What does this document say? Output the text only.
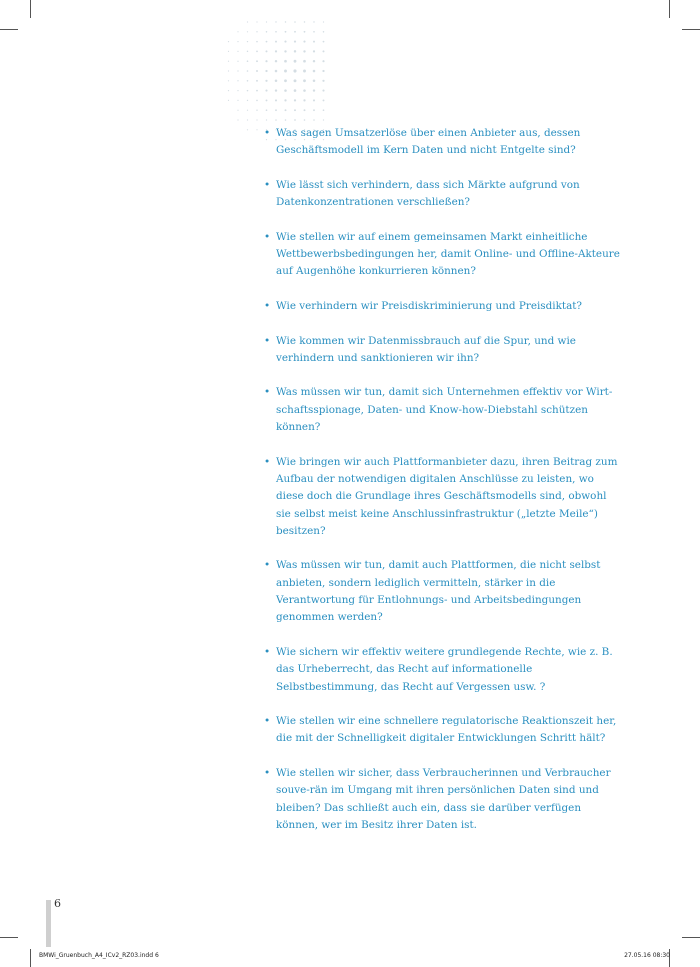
• Was sagen Umsatzerlöse über einen Anbieter aus, dessen Geschäftsmodell im Kern Daten und nicht Entgelte sind?
• Wie lässt sich verhindern, dass sich Märkte aufgrund von Datenkonzentrationen verschließen?
• Wie stellen wir auf einem gemeinsamen Markt einheitliche Wettbewerbsbedingungen her, damit Online- und Offline-Akteure auf Augenhöhe konkurrieren können?
• Wie verhindern wir Preisdiskriminierung und Preisdiktat?
• Wie kommen wir Datenmissbrauch auf die Spur, und wie verhindern und sanktionieren wir ihn?
• Was müssen wir tun, damit sich Unternehmen effektiv vor Wirt-schaftsspionage, Daten- und Know-how-Diebstahl schützen können?
• Wie bringen wir auch Plattformanbieter dazu, ihren Beitrag zum Aufbau der notwendigen digitalen Anschlüsse zu leisten, wo diese doch die Grundlage ihres Geschäftsmodells sind, obwohl sie selbst meist keine Anschlussinfrastruktur („letzte Meile“) besitzen?
• Was müssen wir tun, damit auch Plattformen, die nicht selbst anbieten, sondern lediglich vermitteln, stärker in die Verantwortung für Entlohnungs- und Arbeitsbedingungen genommen werden?
• Wie sichern wir effektiv weitere grundlegende Rechte, wie z. B. das Urheberrecht, das Recht auf informationelle Selbstbestimmung, das Recht auf Vergessen usw. ?
• Wie stellen wir eine schnellere regulatorische Reaktionszeit her, die mit der Schnelligkeit digitaler Entwicklungen Schritt hält?
• Wie stellen wir sicher, dass Verbraucherinnen und Verbraucher souve-rän im Umgang mit ihren persönlichen Daten sind und bleiben? Das schließt auch ein, dass sie darüber verfügen können, wer im Besitz ihrer Daten ist.
6
BMWi_Gruenbuch_A4_ICv2_RZ03.indd 6	27.05.16 08:30
